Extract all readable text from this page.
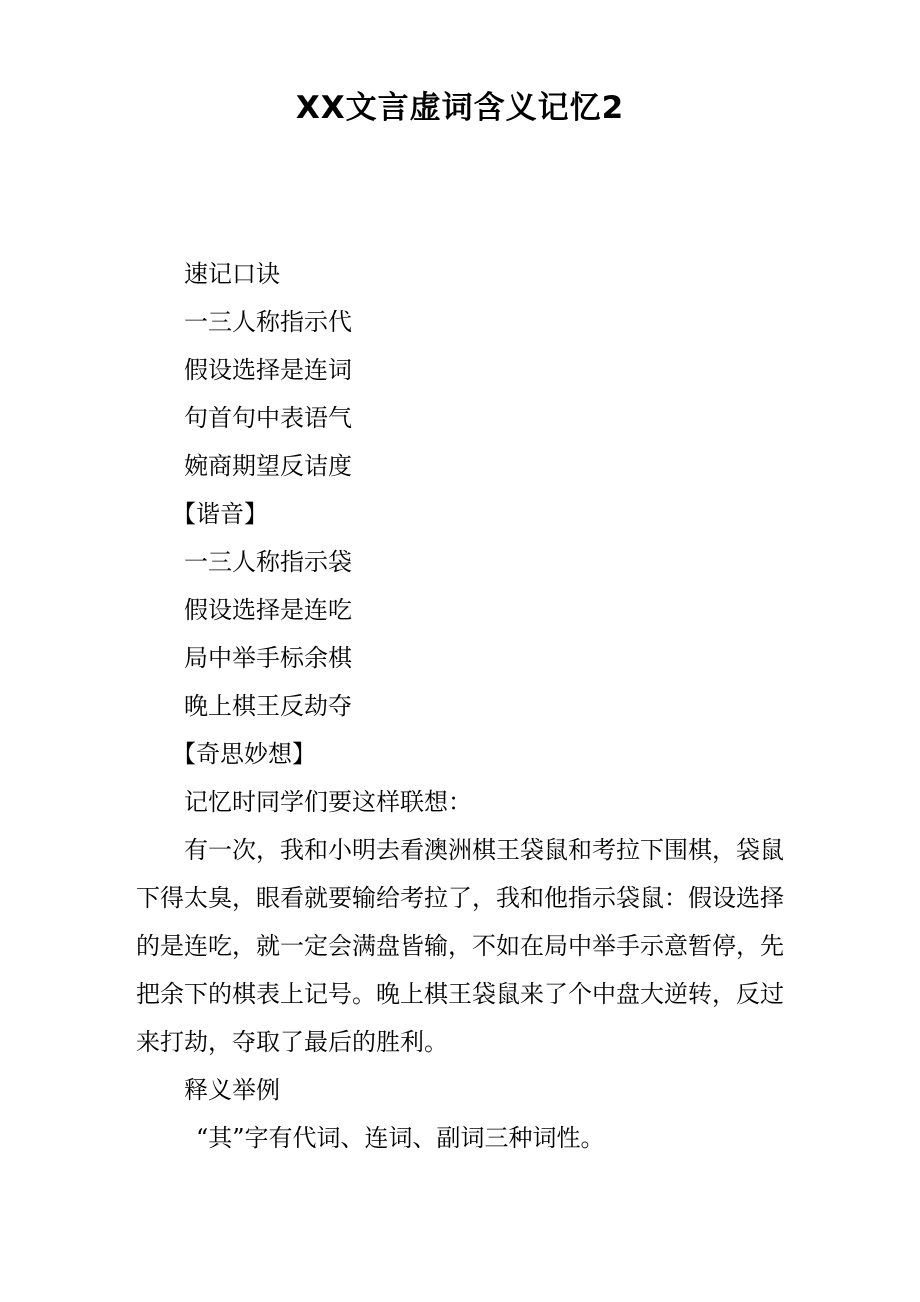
XX文言虚词含义记忆2

速记口诀

一三人称指示代

假设选择是连词

句首句中表语气

婉商期望反诘度

【谐音】

一三人称指示袋

假设选择是连吃

局中举手标余棋

晚上棋王反劫夺

【奇思妙想】

记忆时同学们要这样联想：

有一次，我和小明去看澳洲棋王袋鼠和考拉下围棋，袋鼠下得太臭，眼看就要输给考拉了，我和他指示袋鼠：假设选择的是连吃，就一定会满盘皆输，不如在局中举手示意暂停，先把余下的棋表上记号。晚上棋王袋鼠来了个中盘大逆转，反过来打劫，夺取了最后的胜利。

释义举例

“其”字有代词、连词、副词三种词性。
